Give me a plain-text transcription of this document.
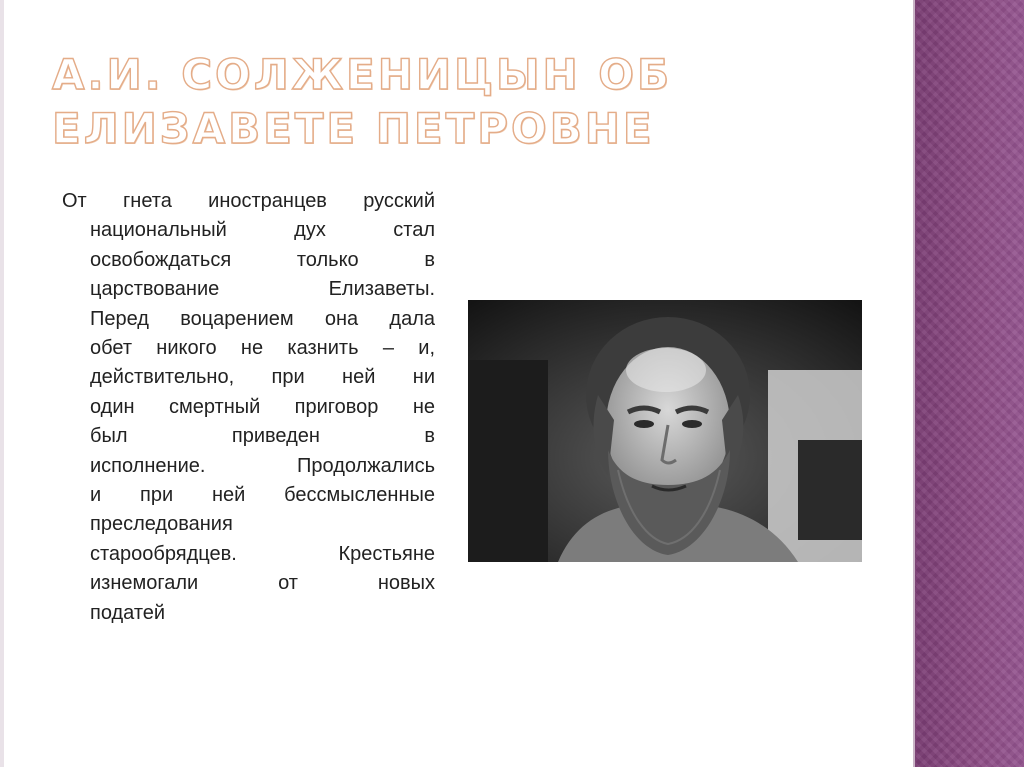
А.И. СОЛЖЕНИЦЫН ОБ
ЕЛИЗАВЕТЕ ПЕТРОВНЕ
От гнета иностранцев русский
национальный дух стал
освобождаться только в
царствование Елизаветы.
Перед воцарением она дала
обет никого не казнить – и,
действительно, при ней ни
один смертный приговор не
был приведен в
исполнение. Продолжались
и при ней бессмысленные
преследования
старообрядцев. Крестьяне
изнемогали от новых
податей
